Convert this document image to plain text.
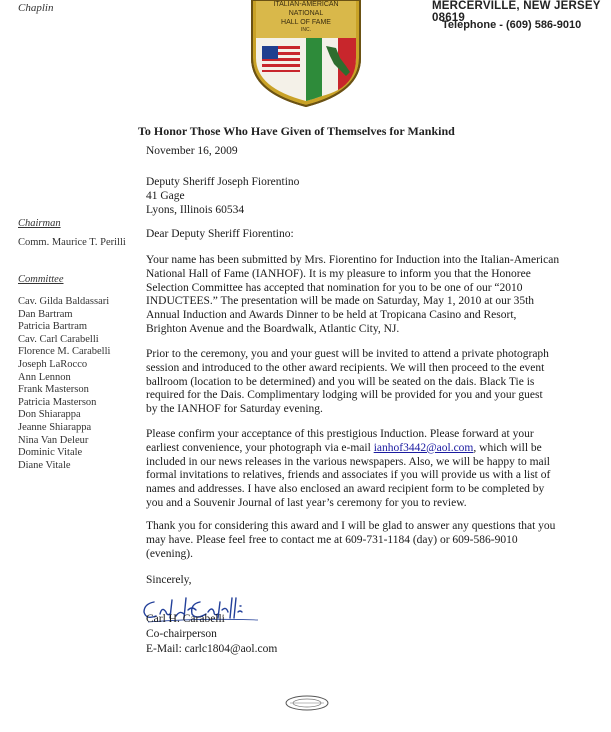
Chaplin	MERCERVILLE, NEW JERSEY 08619
Telephone - (609) 586-9010
ITALIAN-AMERICAN
NATIONAL
HALL OF FAME
INC.
To Honor Those Who Have Given of Themselves for Mankind
Chairman
Comm. Maurice T. Perilli
Committee
Cav. Gilda Baldassari
Dan Bartram
Patricia Bartram
Cav. Carl Carabelli
Florence M. Carabelli
Joseph LaRocco
Ann Lennon
Frank Masterson
Patricia Masterson
Don Shiarappa
Jeanne Shiarappa
Nina Van Deleur
Dominic Vitale
Diane Vitale
November 16, 2009
Deputy Sheriff Joseph Fiorentino
41 Gage
Lyons, Illinois 60534
Dear Deputy Sheriff Fiorentino:
Your name has been submitted by Mrs. Fiorentino for Induction into the Italian-American
National Hall of Fame (IANHOF). It is my pleasure to inform you that the Honoree
Selection Committee has accepted that nomination for you to be one of our “2010
INDUCTEES.” The presentation will be made on Saturday, May 1, 2010 at our 35th
Annual Induction and Awards Dinner to be held at Tropicana Casino and Resort,
Brighton Avenue and the Boardwalk, Atlantic City, NJ.
Prior to the ceremony, you and your guest will be invited to attend a private photograph
session and introduced to the other award recipients. We will then proceed to the event
ballroom (location to be determined) and you will be seated on the dais. Black Tie is
required for the Dais. Complimentary lodging will be provided for you and your guest
by the IANHOF for Saturday evening.
Please confirm your acceptance of this prestigious Induction. Please forward at your
earliest convenience, your photograph via e-mail ianhof3442@aol.com, which will be
included in our news releases in the various newspapers. Also, we will be happy to mail
formal invitations to relatives, friends and associates if you will provide us with a list of
names and addresses. I have also enclosed an award recipient form to be completed by
you and a Souvenir Journal of last year’s ceremony for you to review.
Thank you for considering this award and I will be glad to answer any questions that you
may have. Please feel free to contact me at 609-731-1184 (day) or 609-586-9010
(evening).
Sincerely,
Carl H. Carabelli
Co-chairperson
E-Mail: carlc1804@aol.com
